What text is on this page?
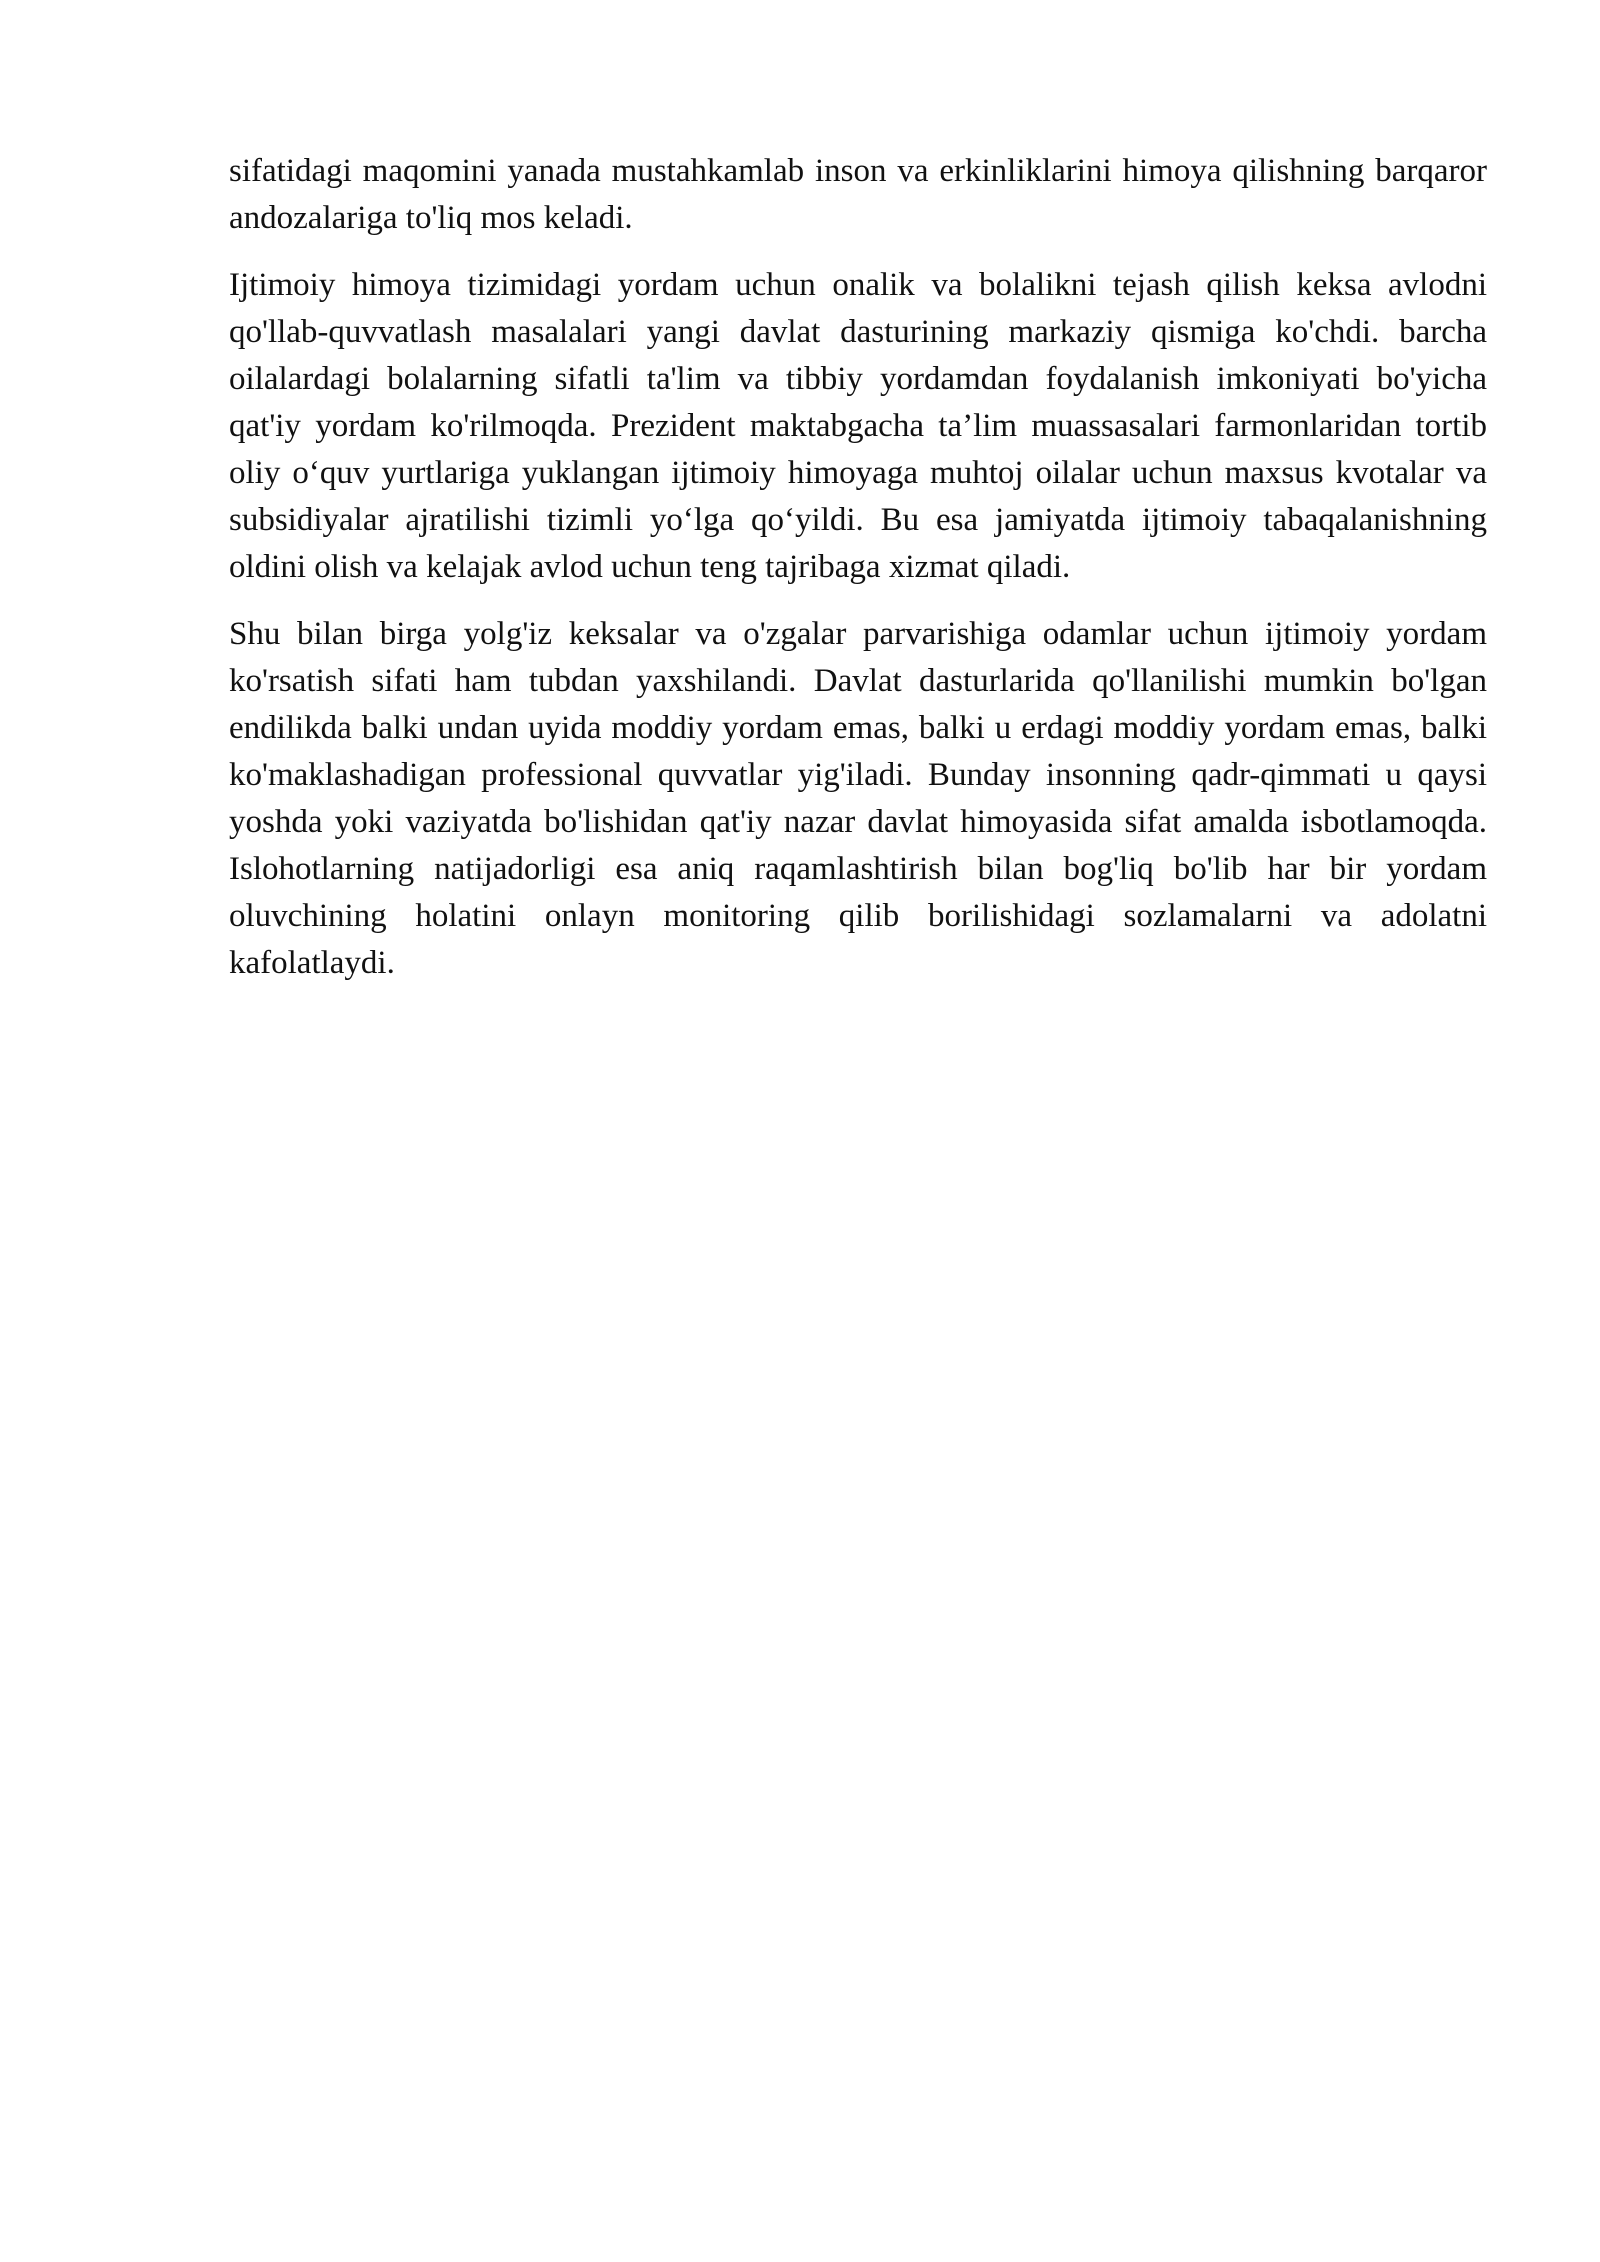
sifatidagi maqomini yanada mustahkamlab inson va erkinliklarini himoya qilishning barqaror andozalariga to'liq mos keladi.

Ijtimoiy himoya tizimidagi yordam uchun onalik va bolalikni tejash qilish keksa avlodni qo'llab-quvvatlash masalalari yangi davlat dasturining markaziy qismiga ko'chdi. barcha oilalardagi bolalarning sifatli ta'lim va tibbiy yordamdan foydalanish imkoniyati bo'yicha qat'iy yordam ko'rilmoqda. Prezident maktabgacha ta’lim muassasalari farmonlaridan tortib oliy o‘quv yurtlariga yuklangan ijtimoiy himoyaga muhtoj oilalar uchun maxsus kvotalar va subsidiyalar ajratilishi tizimli yo‘lga qo‘yildi. Bu esa jamiyatda ijtimoiy tabaqalanishning oldini olish va kelajak avlod uchun teng tajribaga xizmat qiladi.

Shu bilan birga yolg'iz keksalar va o'zgalar parvarishiga odamlar uchun ijtimoiy yordam ko'rsatish sifati ham tubdan yaxshilandi. Davlat dasturlarida qo'llanilishi mumkin bo'lgan endilikda balki undan uyida moddiy yordam emas, balki u erdagi moddiy yordam emas, balki ko'maklashadigan professional quvvatlar yig'iladi. Bunday insonning qadr-qimmati u qaysi yoshda yoki vaziyatda bo'lishidan qat'iy nazar davlat himoyasida sifat amalda isbotlamoqda. Islohotlarning natijadorligi esa aniq raqamlashtirish bilan bog'liq bo'lib har bir yordam oluvchining holatini onlayn monitoring qilib borilishidagi sozlamalarni va adolatni kafolatlaydi.
